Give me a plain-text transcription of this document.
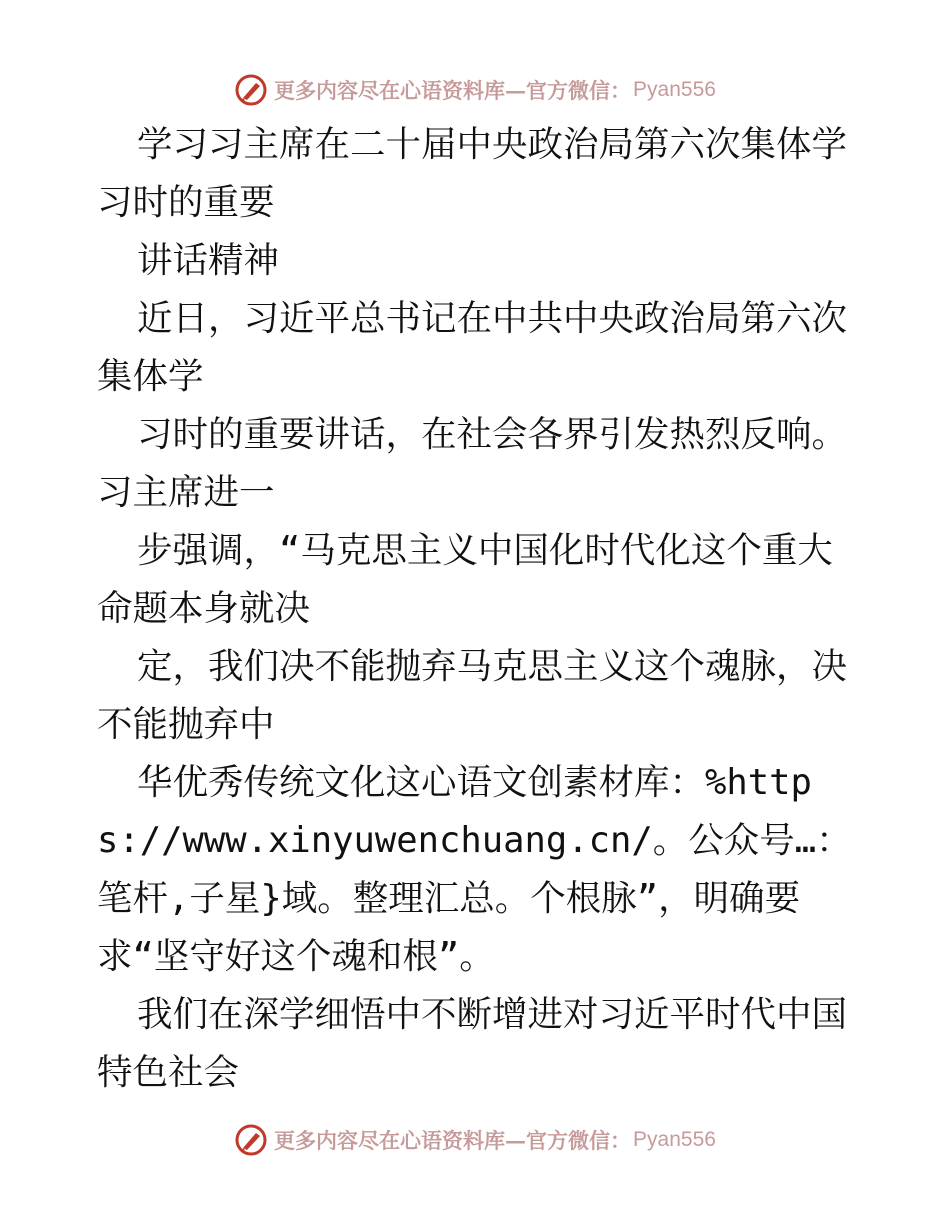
更多内容尽在心语资料库—官方微信： Pyan556

学习习主席在二十届中央政治局第六次集体学习时的重要

讲话精神

近日，习近平总书记在中共中央政治局第六次集体学

习时的重要讲话，在社会各界引发热烈反响。习主席进一

步强调，“马克思主义中国化时代化这个重大命题本身就决

定，我们决不能抛弃马克思主义这个魂脉，决不能抛弃中

华优秀传统文化这心语文创素材库：%https://www.xinyuwenchuang.cn/。公众号…：笔杆,子星}域。整理汇总。个根脉”，明确要求“坚守好这个魂和根”。

我们在深学细悟中不断增进对习近平时代中国特色社会

更多内容尽在心语资料库—官方微信： Pyan556
